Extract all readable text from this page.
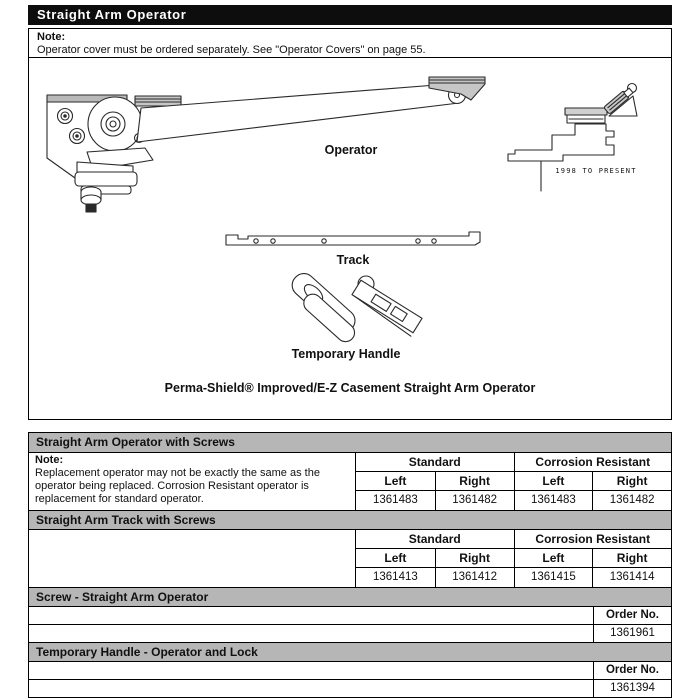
Straight Arm Operator
Note:
Operator cover must be ordered separately. See "Operator Covers" on page 55.
Operator
1998 TO PRESENT
Track
Temporary Handle
Perma-Shield® Improved/E-Z Casement Straight Arm Operator
Straight Arm Operator with Screws
Note:
Replacement operator may not be exactly the same as the operator being replaced. Corrosion Resistant operator is replacement for standard operator.
Standard	Corrosion Resistant
Left	Right	Left	Right
1361483	1361482	1361483	1361482
Straight Arm Track with Screws
Standard	Corrosion Resistant
Left	Right	Left	Right
1361413	1361412	1361415	1361414
Screw - Straight Arm Operator
Order No.
1361961
Temporary Handle - Operator and Lock
Order No.
1361394
